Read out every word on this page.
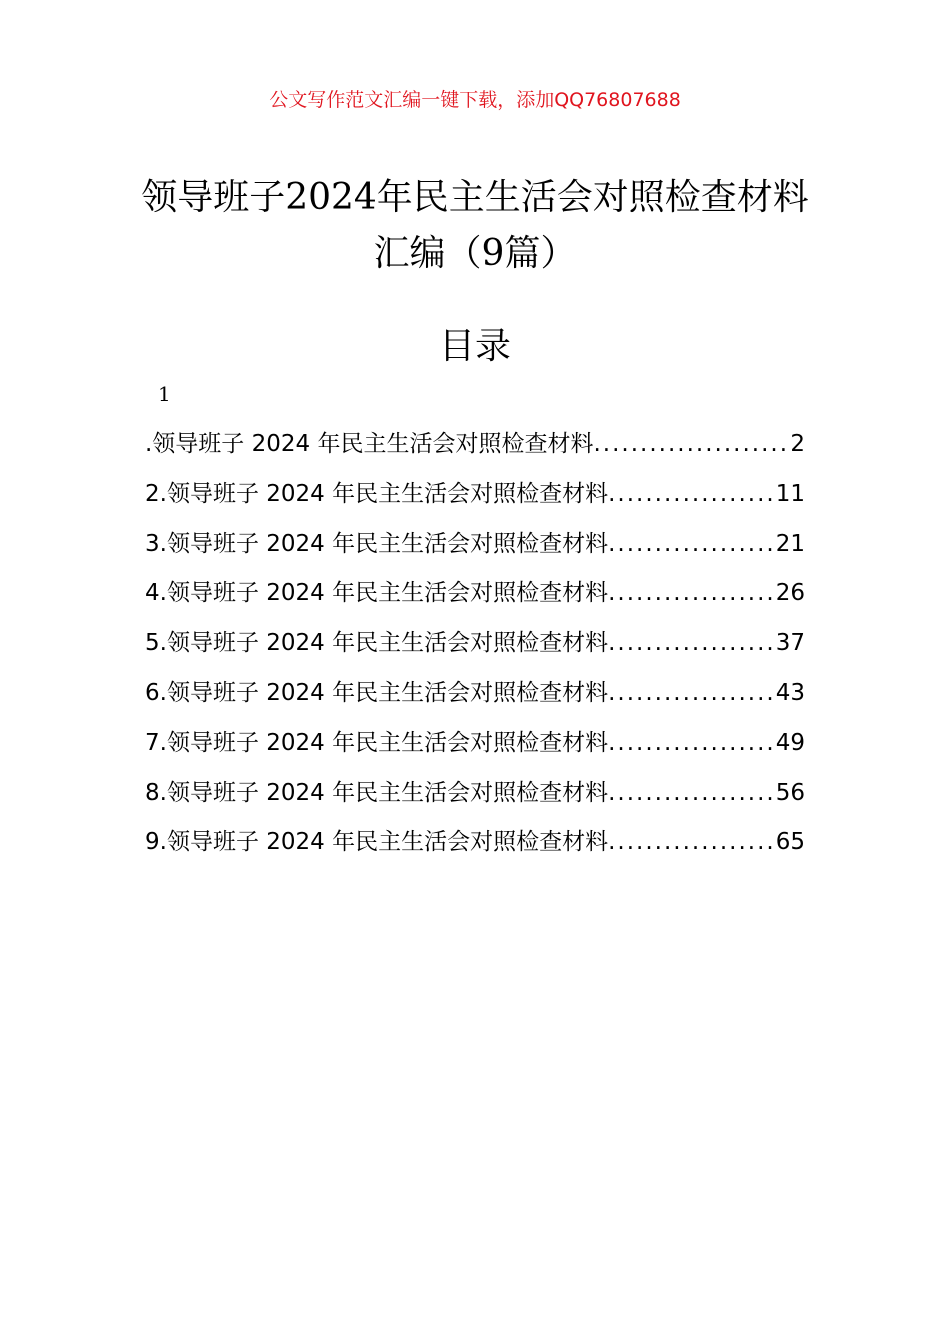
公文写作范文汇编一键下载，添加QQ76807688
领导班子2024年民主生活会对照检查材料
汇编（9篇）
目录
1
.领导班子 2024 年民主生活会对照检查材料 .....	2
2.领导班子 2024 年民主生活会对照检查材料 .....	11
3.领导班子 2024 年民主生活会对照检查材料 .....	21
4.领导班子 2024 年民主生活会对照检查材料 .....	26
5.领导班子 2024 年民主生活会对照检查材料 .....	37
6.领导班子 2024 年民主生活会对照检查材料 .....	43
7.领导班子 2024 年民主生活会对照检查材料 .....	49
8.领导班子 2024 年民主生活会对照检查材料 .....	56
9.领导班子 2024 年民主生活会对照检查材料 .....	65
